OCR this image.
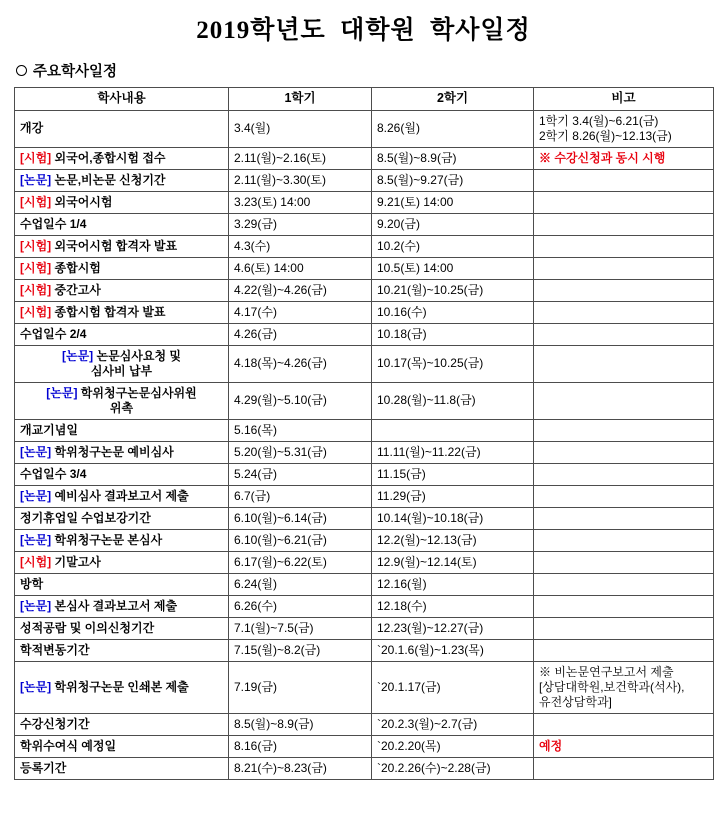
2019학년도  대학원  학사일정
주요학사일정
학사내용	1학기	2학기	비고
개강	3.4(월)	8.26(월)	1학기 3.4(월)~6.21(금)
2학기 8.26(월)~12.13(금)
[시험] 외국어,종합시험 접수	2.11(월)~2.16(토)	8.5(월)~8.9(금)	※ 수강신청과 동시 시행
[논문] 논문,비논문 신청기간	2.11(월)~3.30(토)	8.5(월)~9.27(금)	
[시험] 외국어시험	3.23(토) 14:00	9.21(토) 14:00	
수업일수 1/4	3.29(금)	9.20(금)	
[시험] 외국어시험 합격자 발표	4.3(수)	10.2(수)	
[시험] 종합시험	4.6(토) 14:00	10.5(토) 14:00	
[시험] 중간고사	4.22(월)~4.26(금)	10.21(월)~10.25(금)	
[시험] 종합시험 합격자 발표	4.17(수)	10.16(수)	
수업일수 2/4	4.26(금)	10.18(금)	
[논문] 논문심사요청 및
심사비 납부	4.18(목)~4.26(금)	10.17(목)~10.25(금)	
[논문] 학위청구논문심사위원
위촉	4.29(월)~5.10(금)	10.28(월)~11.8(금)	
개교기념일	5.16(목)		
[논문] 학위청구논문 예비심사	5.20(월)~5.31(금)	11.11(월)~11.22(금)	
수업일수 3/4	5.24(금)	11.15(금)	
[논문] 예비심사 결과보고서 제출	6.7(금)	11.29(금)	
정기휴업일 수업보강기간	6.10(월)~6.14(금)	10.14(월)~10.18(금)	
[논문] 학위청구논문 본심사	6.10(월)~6.21(금)	12.2(월)~12.13(금)	
[시험] 기말고사	6.17(월)~6.22(토)	12.9(월)~12.14(토)	
방학	6.24(월)	12.16(월)	
[논문] 본심사 결과보고서 제출	6.26(수)	12.18(수)	
성적공람 및 이의신청기간	7.1(월)~7.5(금)	12.23(월)~12.27(금)	
학적변동기간	7.15(월)~8.2(금)	`20.1.6(월)~1.23(목)	
[논문] 학위청구논문 인쇄본 제출	7.19(금)	`20.1.17(금)	※ 비논문연구보고서 제출
[상담대학원,보건학과(석사),
유전상담학과]
수강신청기간	8.5(월)~8.9(금)	`20.2.3(월)~2.7(금)	
학위수여식 예정일	8.16(금)	`20.2.20(목)	예정
등록기간	8.21(수)~8.23(금)	`20.2.26(수)~2.28(금)	
